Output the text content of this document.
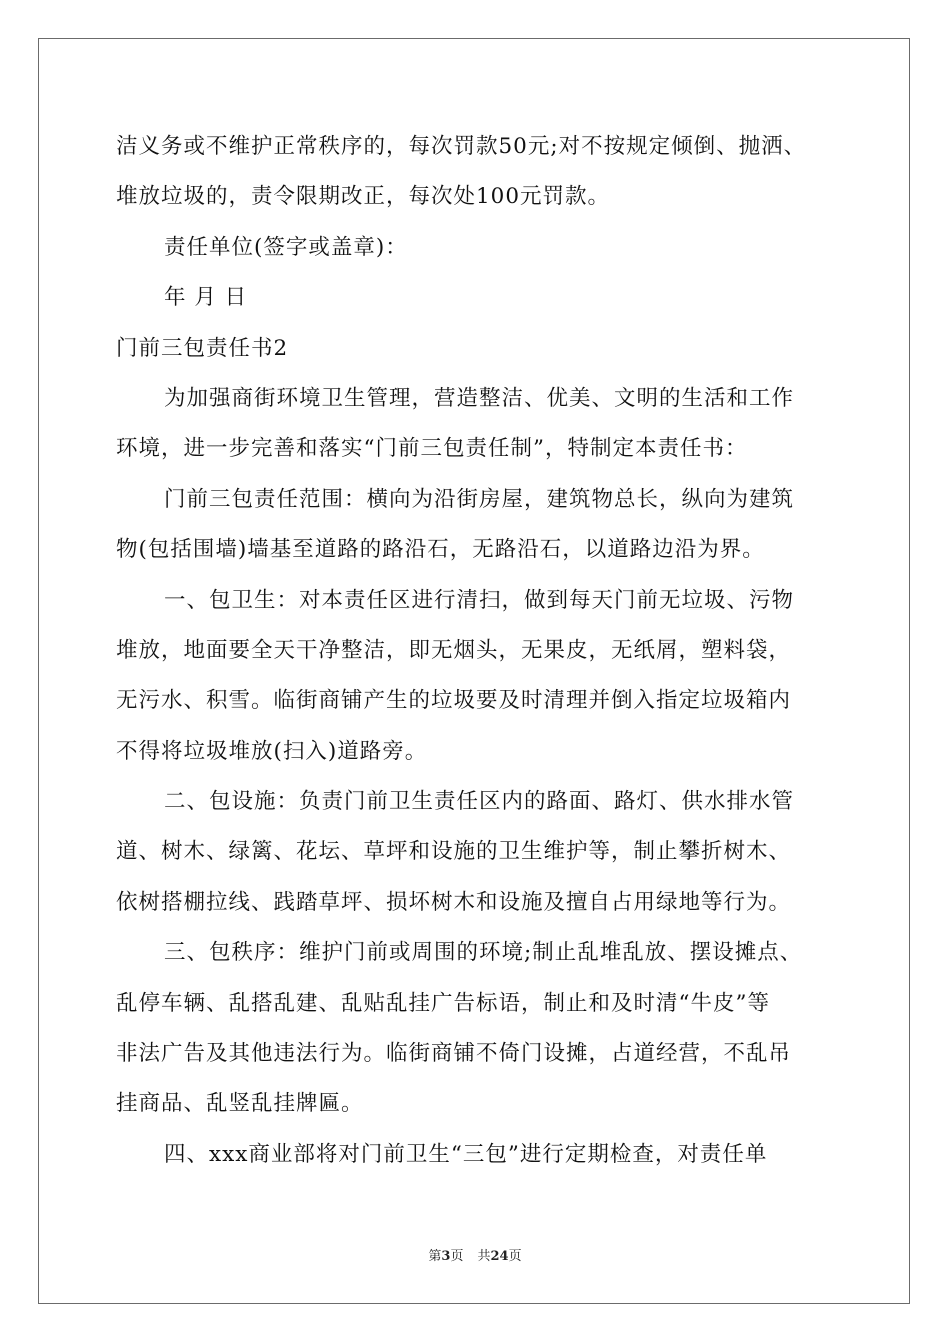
洁义务或不维护正常秩序的，每次罚款50元;对不按规定倾倒、抛洒、
堆放垃圾的，责令限期改正，每次处100元罚款。
责任单位(签字或盖章)：
年 月 日
门前三包责任书2
为加强商街环境卫生管理，营造整洁、优美、文明的生活和工作
环境，进一步完善和落实“门前三包责任制”，特制定本责任书：
门前三包责任范围：横向为沿街房屋，建筑物总长，纵向为建筑
物(包括围墙)墙基至道路的路沿石，无路沿石，以道路边沿为界。
一、包卫生：对本责任区进行清扫，做到每天门前无垃圾、污物
堆放，地面要全天干净整洁，即无烟头，无果皮，无纸屑，塑料袋，
无污水、积雪。临街商铺产生的垃圾要及时清理并倒入指定垃圾箱内
不得将垃圾堆放(扫入)道路旁。
二、包设施：负责门前卫生责任区内的路面、路灯、供水排水管
道、树木、绿篱、花坛、草坪和设施的卫生维护等，制止攀折树木、
依树搭棚拉线、践踏草坪、损坏树木和设施及擅自占用绿地等行为。
三、包秩序：维护门前或周围的环境;制止乱堆乱放、摆设摊点、
乱停车辆、乱搭乱建、乱贴乱挂广告标语，制止和及时清“牛皮”等
非法广告及其他违法行为。临街商铺不倚门设摊，占道经营，不乱吊
挂商品、乱竖乱挂牌匾。
四、xxx商业部将对门前卫生“三包”进行定期检查，对责任单
第3页 共24页
